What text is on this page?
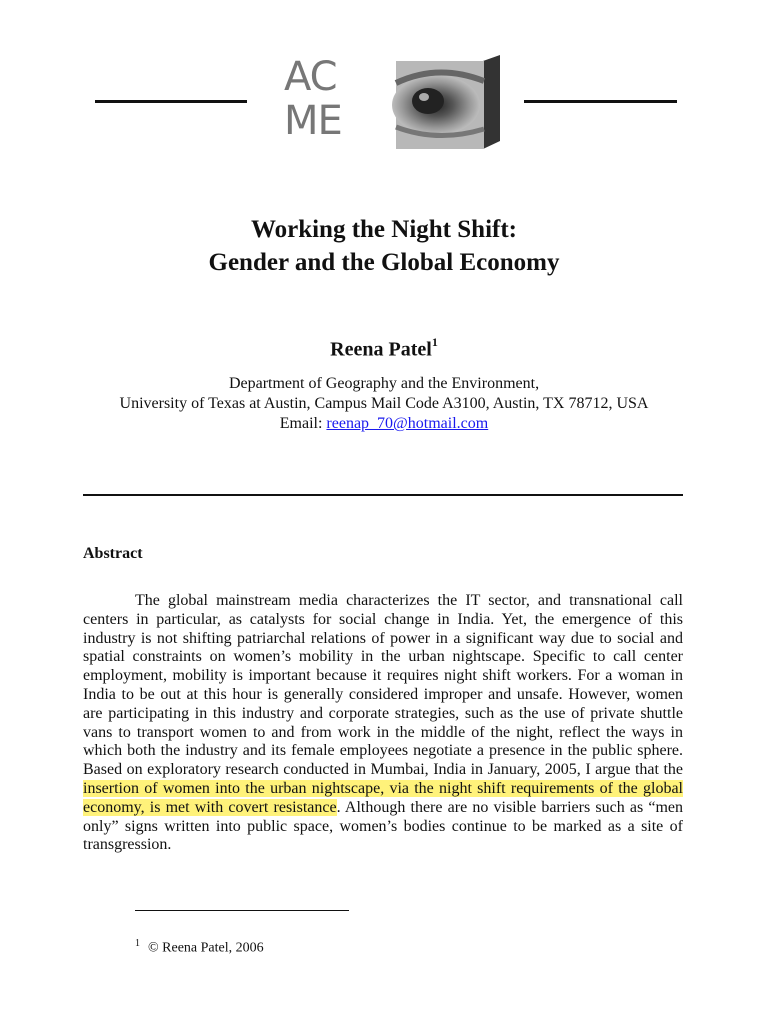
AC
ME
Working the Night Shift:
Gender and the Global Economy
Reena Patel$^1$
Department of Geography and the Environment,
University of Texas at Austin, Campus Mail Code A3100, Austin, TX 78712, USA
Email: reenap_70@hotmail.com
Abstract
The global mainstream media characterizes the IT sector, and transnational call centers in particular, as catalysts for social change in India. Yet, the emergence of this industry is not shifting patriarchal relations of power in a significant way due to social and spatial constraints on women’s mobility in the urban nightscape. Specific to call center employment, mobility is important because it requires night shift workers. For a woman in India to be out at this hour is generally considered improper and unsafe. However, women are participating in this industry and corporate strategies, such as the use of private shuttle vans to transport women to and from work in the middle of the night, reflect the ways in which both the industry and its female employees negotiate a presence in the public sphere. Based on exploratory research conducted in Mumbai, India in January, 2005, I argue that the insertion of women into the urban nightscape, via the night shift requirements of the global economy, is met with covert resistance. Although there are no visible barriers such as “men only” signs written into public space, women’s bodies continue to be marked as a site of transgression.
$^1$ © Reena Patel, 2006
